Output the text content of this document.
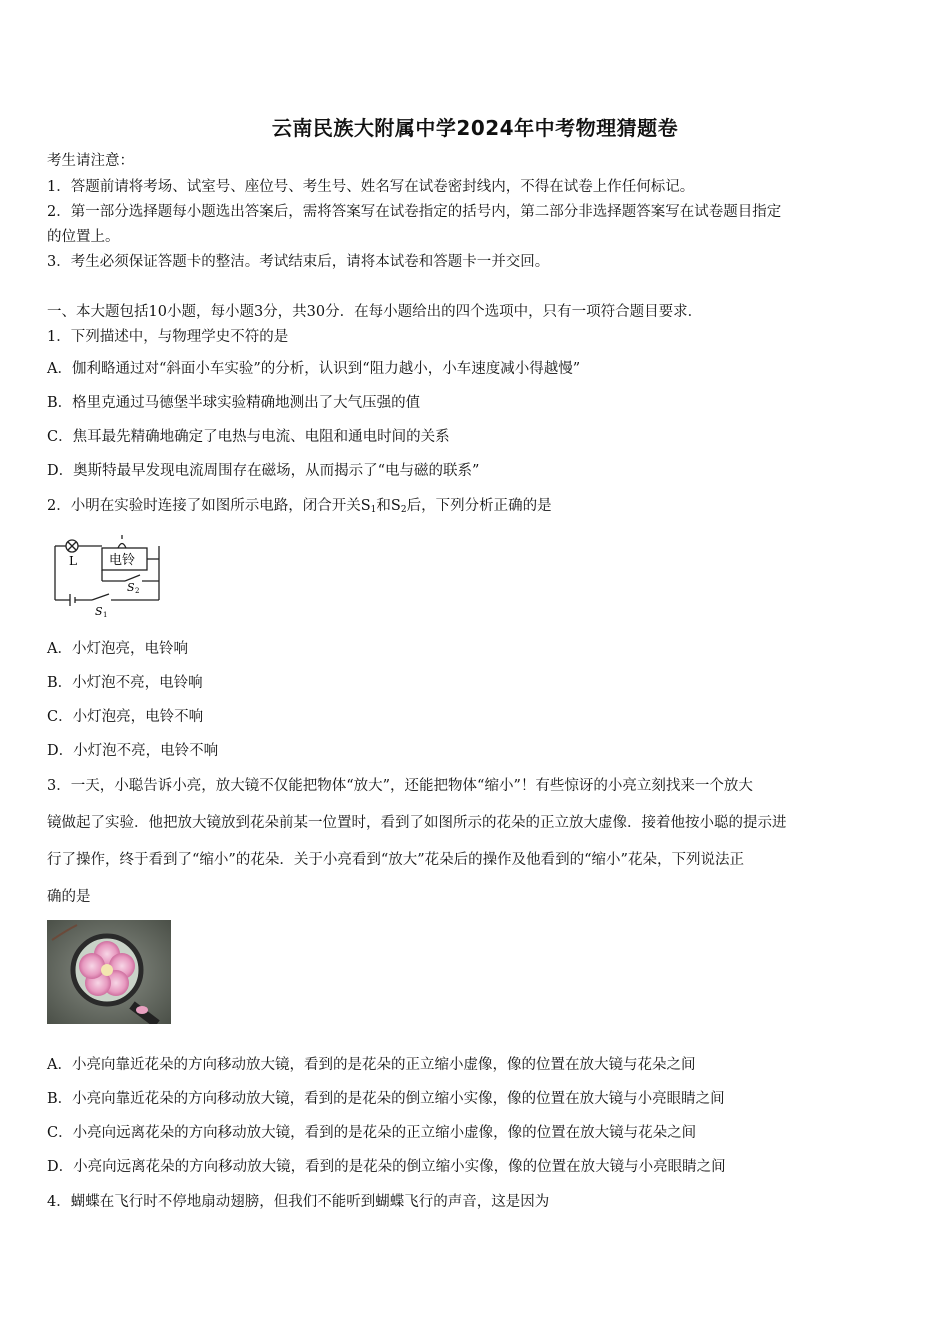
云南民族大附属中学2024年中考物理猜题卷
考生请注意：
1．答题前请将考场、试室号、座位号、考生号、姓名写在试卷密封线内，不得在试卷上作任何标记。
2．第一部分选择题每小题选出答案后，需将答案写在试卷指定的括号内，第二部分非选择题答案写在试卷题目指定
的位置上。
3．考生必须保证答题卡的整洁。考试结束后，请将本试卷和答题卡一并交回。
一、本大题包括10小题，每小题3分，共30分．在每小题给出的四个选项中，只有一项符合题目要求．
1．下列描述中，与物理学史不符的是
A．伽利略通过对“斜面小车实验”的分析，认识到“阻力越小，小车速度减小得越慢”
B．格里克通过马德堡半球实验精确地测出了大气压强的值
C．焦耳最先精确地确定了电热与电流、电阻和通电时间的关系
D．奥斯特最早发现电流周围存在磁场，从而揭示了“电与磁的联系”
2．小明在实验时连接了如图所示电路，闭合开关$S_1$和$S_2$后，下列分析正确的是
L 电铃
S 2
S 1
A．小灯泡亮，电铃响
B．小灯泡不亮，电铃响
C．小灯泡亮，电铃不响
D．小灯泡不亮，电铃不响
3．一天，小聪告诉小亮，放大镜不仅能把物体“放大”，还能把物体“缩小”！有些惊讶的小亮立刻找来一个放大
镜做起了实验．他把放大镜放到花朵前某一位置时，看到了如图所示的花朵的正立放大虚像．接着他按小聪的提示进
行了操作，终于看到了“缩小”的花朵．关于小亮看到“放大”花朵后的操作及他看到的“缩小”花朵，下列说法正
确的是
A．小亮向靠近花朵的方向移动放大镜，看到的是花朵的正立缩小虚像，像的位置在放大镜与花朵之间
B．小亮向靠近花朵的方向移动放大镜，看到的是花朵的倒立缩小实像，像的位置在放大镜与小亮眼睛之间
C．小亮向远离花朵的方向移动放大镜，看到的是花朵的正立缩小虚像，像的位置在放大镜与花朵之间
D．小亮向远离花朵的方向移动放大镜，看到的是花朵的倒立缩小实像，像的位置在放大镜与小亮眼睛之间
4．蝴蝶在飞行时不停地扇动翅膀，但我们不能听到蝴蝶飞行的声音，这是因为
